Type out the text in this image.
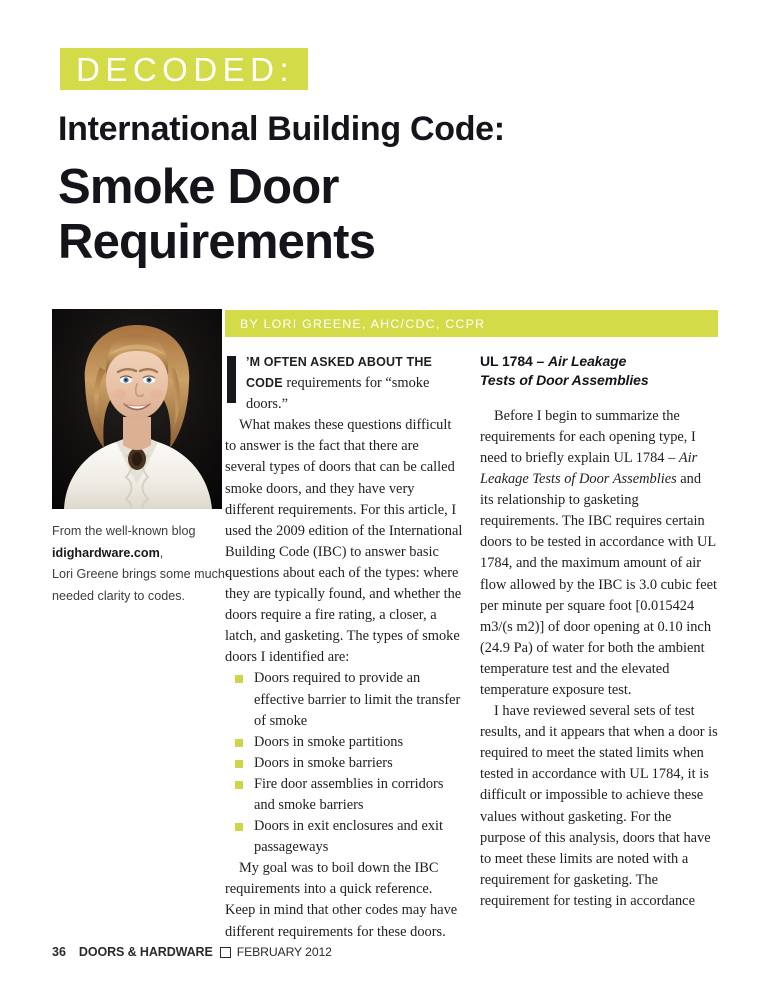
DECODED:
International Building Code:
Smoke Door
Requirements
From the well-known blog
idighardware.com,
Lori Greene brings some much-needed clarity to codes.
BY LORI GREENE, AHC/CDC, CCPR
’M OFTEN ASKED ABOUT THE CODE requirements for “smoke doors.”

What makes these questions difficult to answer is the fact that there are several types of doors that can be called smoke doors, and they have very different requirements. For this article, I used the 2009 edition of the International Building Code (IBC) to answer basic questions about each of the types: where they are typically found, and whether the doors require a fire rating, a closer, a latch, and gasketing. The types of smoke doors I identified are:

Doors required to provide an effective barrier to limit the transfer of smoke
Doors in smoke partitions
Doors in smoke barriers
Fire door assemblies in corridors and smoke barriers
Doors in exit enclosures and exit passageways

My goal was to boil down the IBC requirements into a quick reference. Keep in mind that other codes may have different requirements for these doors.

UL 1784 – Air Leakage
Tests of Door Assemblies

Before I begin to summarize the requirements for each opening type, I need to briefly explain UL 1784 – Air Leakage Tests of Door Assemblies and its relationship to gasketing requirements. The IBC requires certain doors to be tested in accordance with UL 1784, and the maximum amount of air flow allowed by the IBC is 3.0 cubic feet per minute per square foot [0.015424 m3/(s m2)] of door opening at 0.10 inch (24.9 Pa) of water for both the ambient temperature test and the elevated temperature exposure test.

I have reviewed several sets of test results, and it appears that when a door is required to meet the stated limits when tested in accordance with UL 1784, it is difficult or impossible to achieve these values without gasketing. For the purpose of this analysis, doors that have to meet these limits are noted with a requirement for gasketing. The requirement for testing in accordance

36 DOORS & HARDWARE FEBRUARY 2012
